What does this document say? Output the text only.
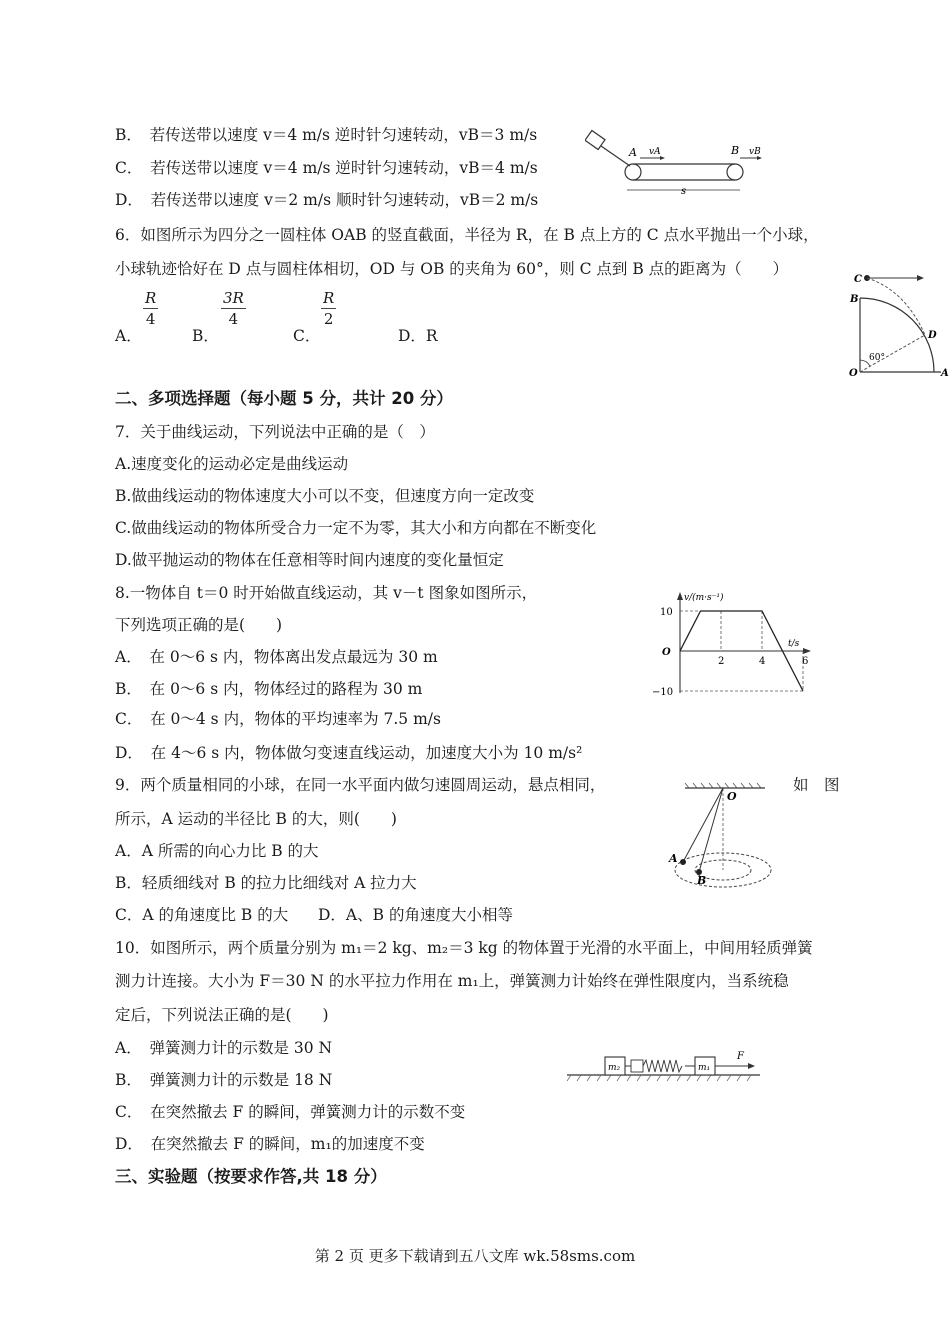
B．　若传送带以速度 v＝4 m/s 逆时针匀速转动，vB＝3 m/s
C．　若传送带以速度 v＝4 m/s 逆时针匀速转动，vB＝4 m/s
D．　若传送带以速度 v＝2 m/s 顺时针匀速转动，vB＝2 m/s
A vA	B vB
s
6．如图所示为四分之一圆柱体 OAB 的竖直截面，半径为 R，在 B 点上方的 C 点水平抛出一个小球，
小球轨迹恰好在 D 点与圆柱体相切，OD 与 OB 的夹角为 60°，则 C 点到 B 点的距离为（　　）
A．
$\frac{R}{4}$
B．
$\frac{3R}{4}$
C．
$\frac{R}{2}$
D．R
C
B
D
O	A
60°
二、多项选择题（每小题 5 分，共计 20 分）
7．关于曲线运动，下列说法中正确的是（　）
A.速度变化的运动必定是曲线运动
B.做曲线运动的物体速度大小可以不变，但速度方向一定改变
C.做曲线运动的物体所受合力一定不为零，其大小和方向都在不断变化
D.做平抛运动的物体在任意相等时间内速度的变化量恒定
8.一物体自 t＝0 时开始做直线运动，其 v－t 图象如图所示，
下列选项正确的是(　　)
A．　在 0～6 s 内，物体离出发点最远为 30 m
B．　在 0～6 s 内，物体经过的路程为 30 m
C．　在 0～4 s 内，物体的平均速率为 7.5 m/s
D．　在 4～6 s 内，物体做匀变速直线运动，加速度大小为 10 m/s²
v/(m·s⁻¹)
t/s
O
10
−10
2	4	6
9．两个质量相同的小球，在同一水平面内做匀速圆周运动，悬点相同，	如　图
所示，A 运动的半径比 B 的大，则(　　)
A．A 所需的向心力比 B 的大
B．轻质细线对 B 的拉力比细线对 A 拉力大
C．A 的角速度比 B 的大 D．A、B 的角速度大小相等
O
A
B
10．如图所示，两个质量分别为 m₁＝2 kg、m₂＝3 kg 的物体置于光滑的水平面上，中间用轻质弹簧
测力计连接。大小为 F＝30 N 的水平拉力作用在 m₁上，弹簧测力计始终在弹性限度内，当系统稳
定后，下列说法正确的是(　　)
A．　弹簧测力计的示数是 30 N
B．　弹簧测力计的示数是 18 N
C．　在突然撤去 F 的瞬间，弹簧测力计的示数不变
D．　在突然撤去 F 的瞬间，m₁的加速度不变
m₂	m₁
F
三、实验题（按要求作答,共 18 分）
第 2 页 更多下载请到五八文库 wk.58sms.com
